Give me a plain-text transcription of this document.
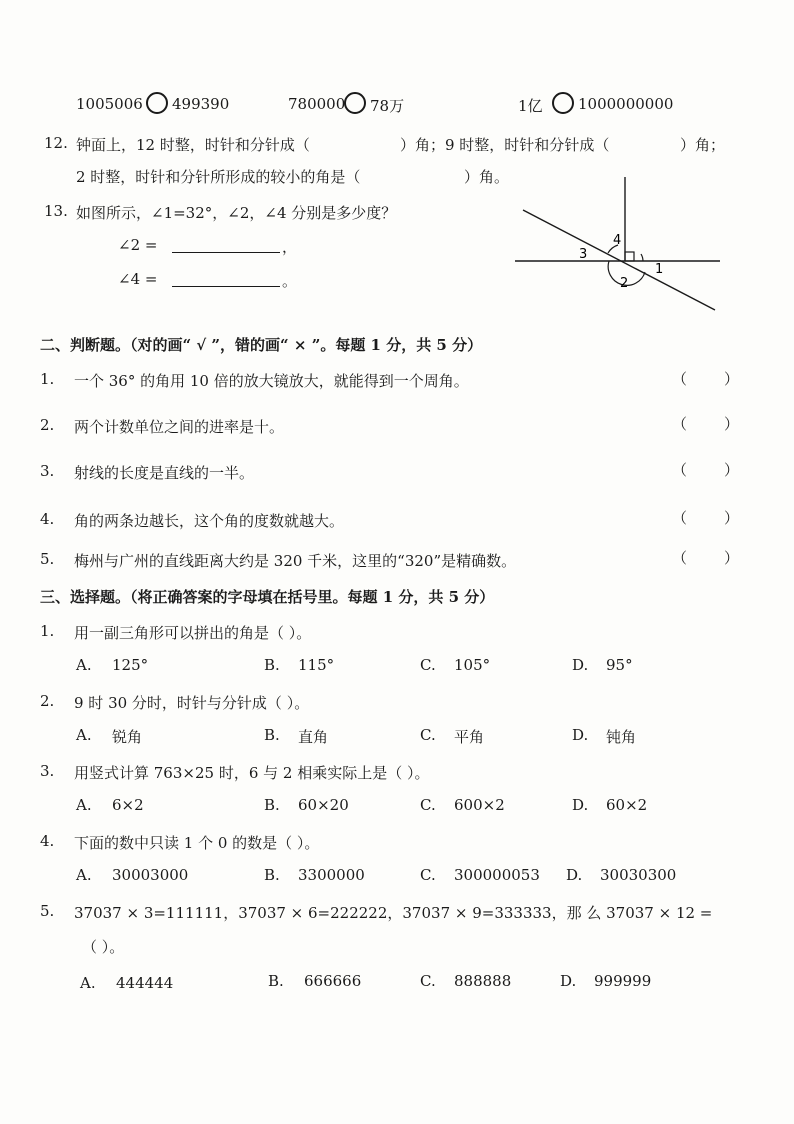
1005006 499390	780000 78万	1亿 1000000000
12. 钟面上，12 时整，时针和分针成（	）角；9 时整，时针和分针成（	）角；
2 时整，时针和分针所形成的较小的角是（	）角。
13. 如图所示，∠1=32°，∠2，∠4 分别是多少度？
∠2 =	，
∠4 =	。
1
2
3
4
二、判断题。（对的画“ √ ”，错的画“ × ”。每题 1 分，共 5 分）
1. 一个 36° 的角用 10 倍的放大镜放大，就能得到一个周角。	（ ）
2. 两个计数单位之间的进率是十。	（ ）
3. 射线的长度是直线的一半。	（ ）
4. 角的两条边越长，这个角的度数就越大。	（ ）
5. 梅州与广州的直线距离大约是 320 千米，这里的“320”是精确数。	（ ）
三、选择题。（将正确答案的字母填在括号里。每题 1 分，共 5 分）
1. 用一副三角形可以拼出的角是（ ）。
A. 125°	B. 115°	C. 105°	D. 95°
2. 9 时 30 分时，时针与分针成（ ）。
A. 锐角	B. 直角	C. 平角	D. 钝角
3. 用竖式计算 763×25 时，6 与 2 相乘实际上是（ ）。
A. 6×2	B. 60×20	C. 600×2	D. 60×2
4. 下面的数中只读 1 个 0 的数是（ ）。
A. 30003000	B. 3300000	C. 300000053 D. 30030300
5. 37037 × 3=111111，37037 × 6=222222，37037 × 9=333333，那 么 37037 × 12 =
（ ）。
A. 444444	B. 666666	C. 888888	D. 999999
